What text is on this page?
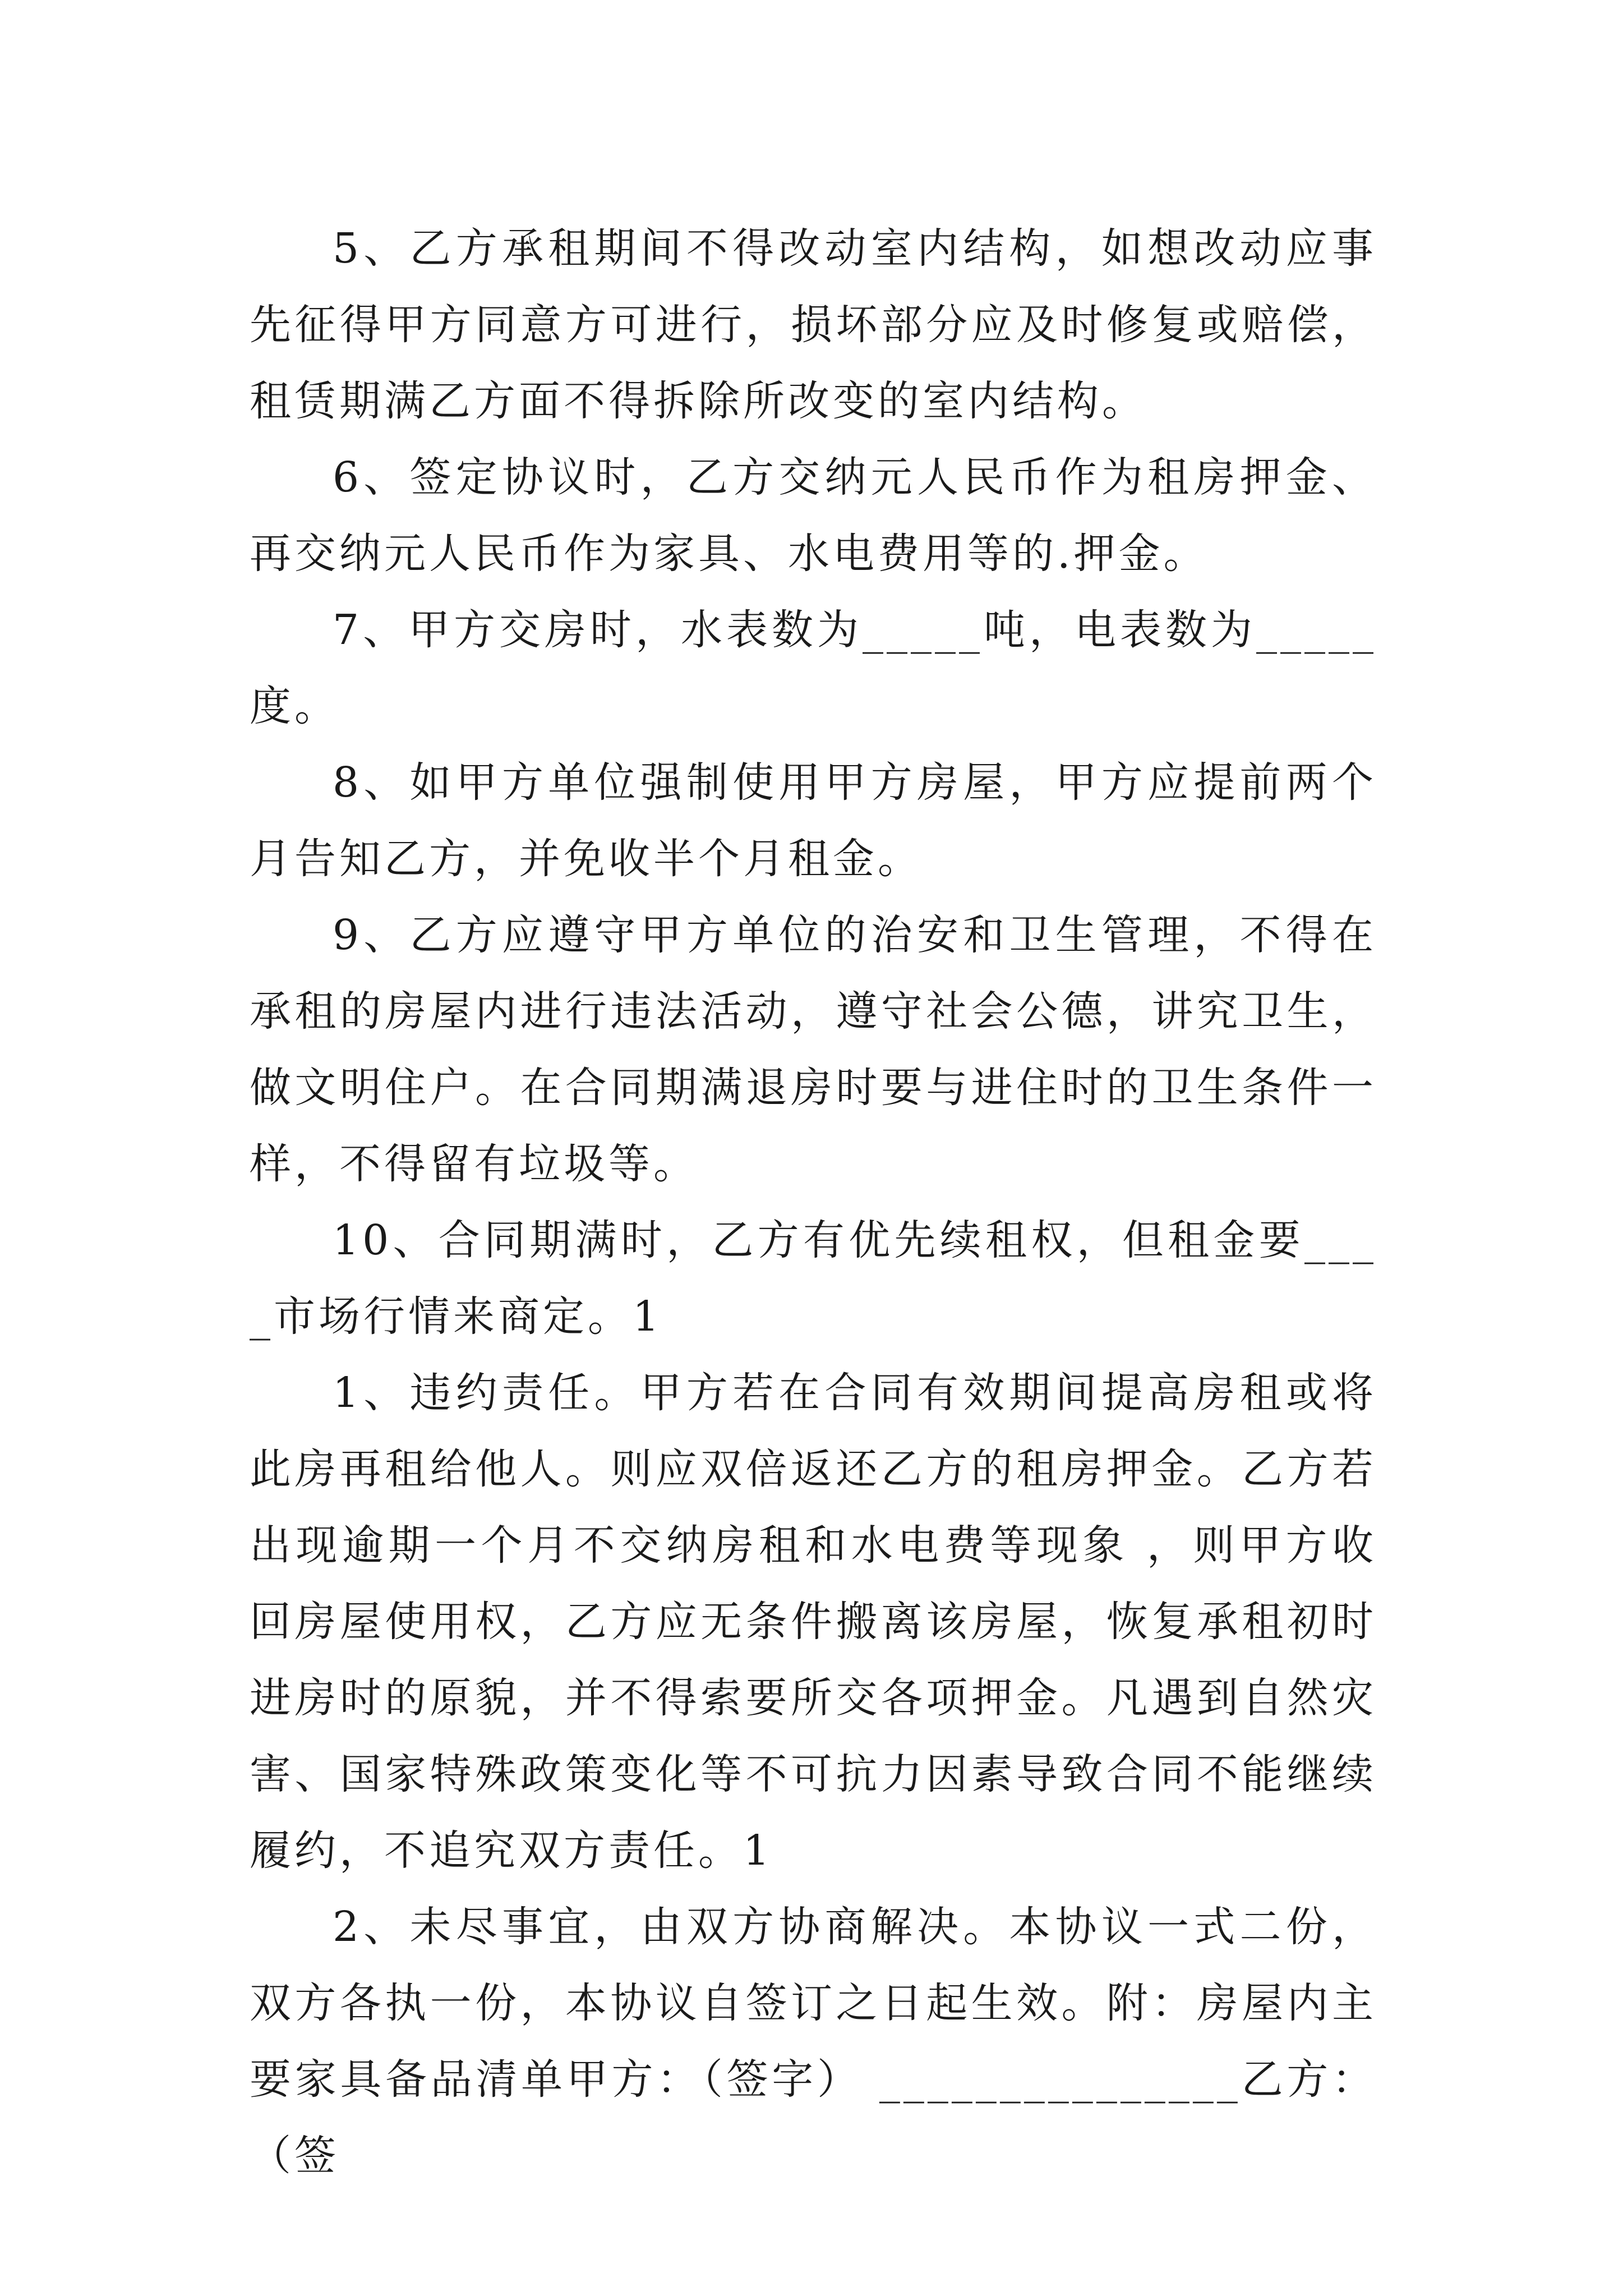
5、乙方承租期间不得改动室内结构，如想改动应事先征得甲方同意方可进行，损坏部分应及时修复或赔偿，租赁期满乙方面不得拆除所改变的室内结构。

6、签定协议时，乙方交纳元人民币作为租房押金、再交纳元人民币作为家具、水电费用等的.押金。

7、甲方交房时，水表数为_____吨，电表数为_____度。

8、如甲方单位强制使用甲方房屋，甲方应提前两个月告知乙方，并免收半个月租金。

9、乙方应遵守甲方单位的治安和卫生管理，不得在承租的房屋内进行违法活动，遵守社会公德，讲究卫生，做文明住户。在合同期满退房时要与进住时的卫生条件一样，不得留有垃圾等。

10、合同期满时，乙方有优先续租权，但租金要____市场行情来商定。1

1、违约责任。甲方若在合同有效期间提高房租或将此房再租给他人。则应双倍返还乙方的租房押金。乙方若出现逾期一个月不交纳房租和水电费等现象 ，则甲方收回房屋使用权，乙方应无条件搬离该房屋，恢复承租初时进房时的原貌，并不得索要所交各项押金。凡遇到自然灾害、国家特殊政策变化等不可抗力因素导致合同不能继续履约，不追究双方责任。1

2、未尽事宜，由双方协商解决。本协议一式二份，双方各执一份，本协议自签订之日起生效。附：房屋内主要家具备品清单甲方：（签字） _______________乙方：（签
